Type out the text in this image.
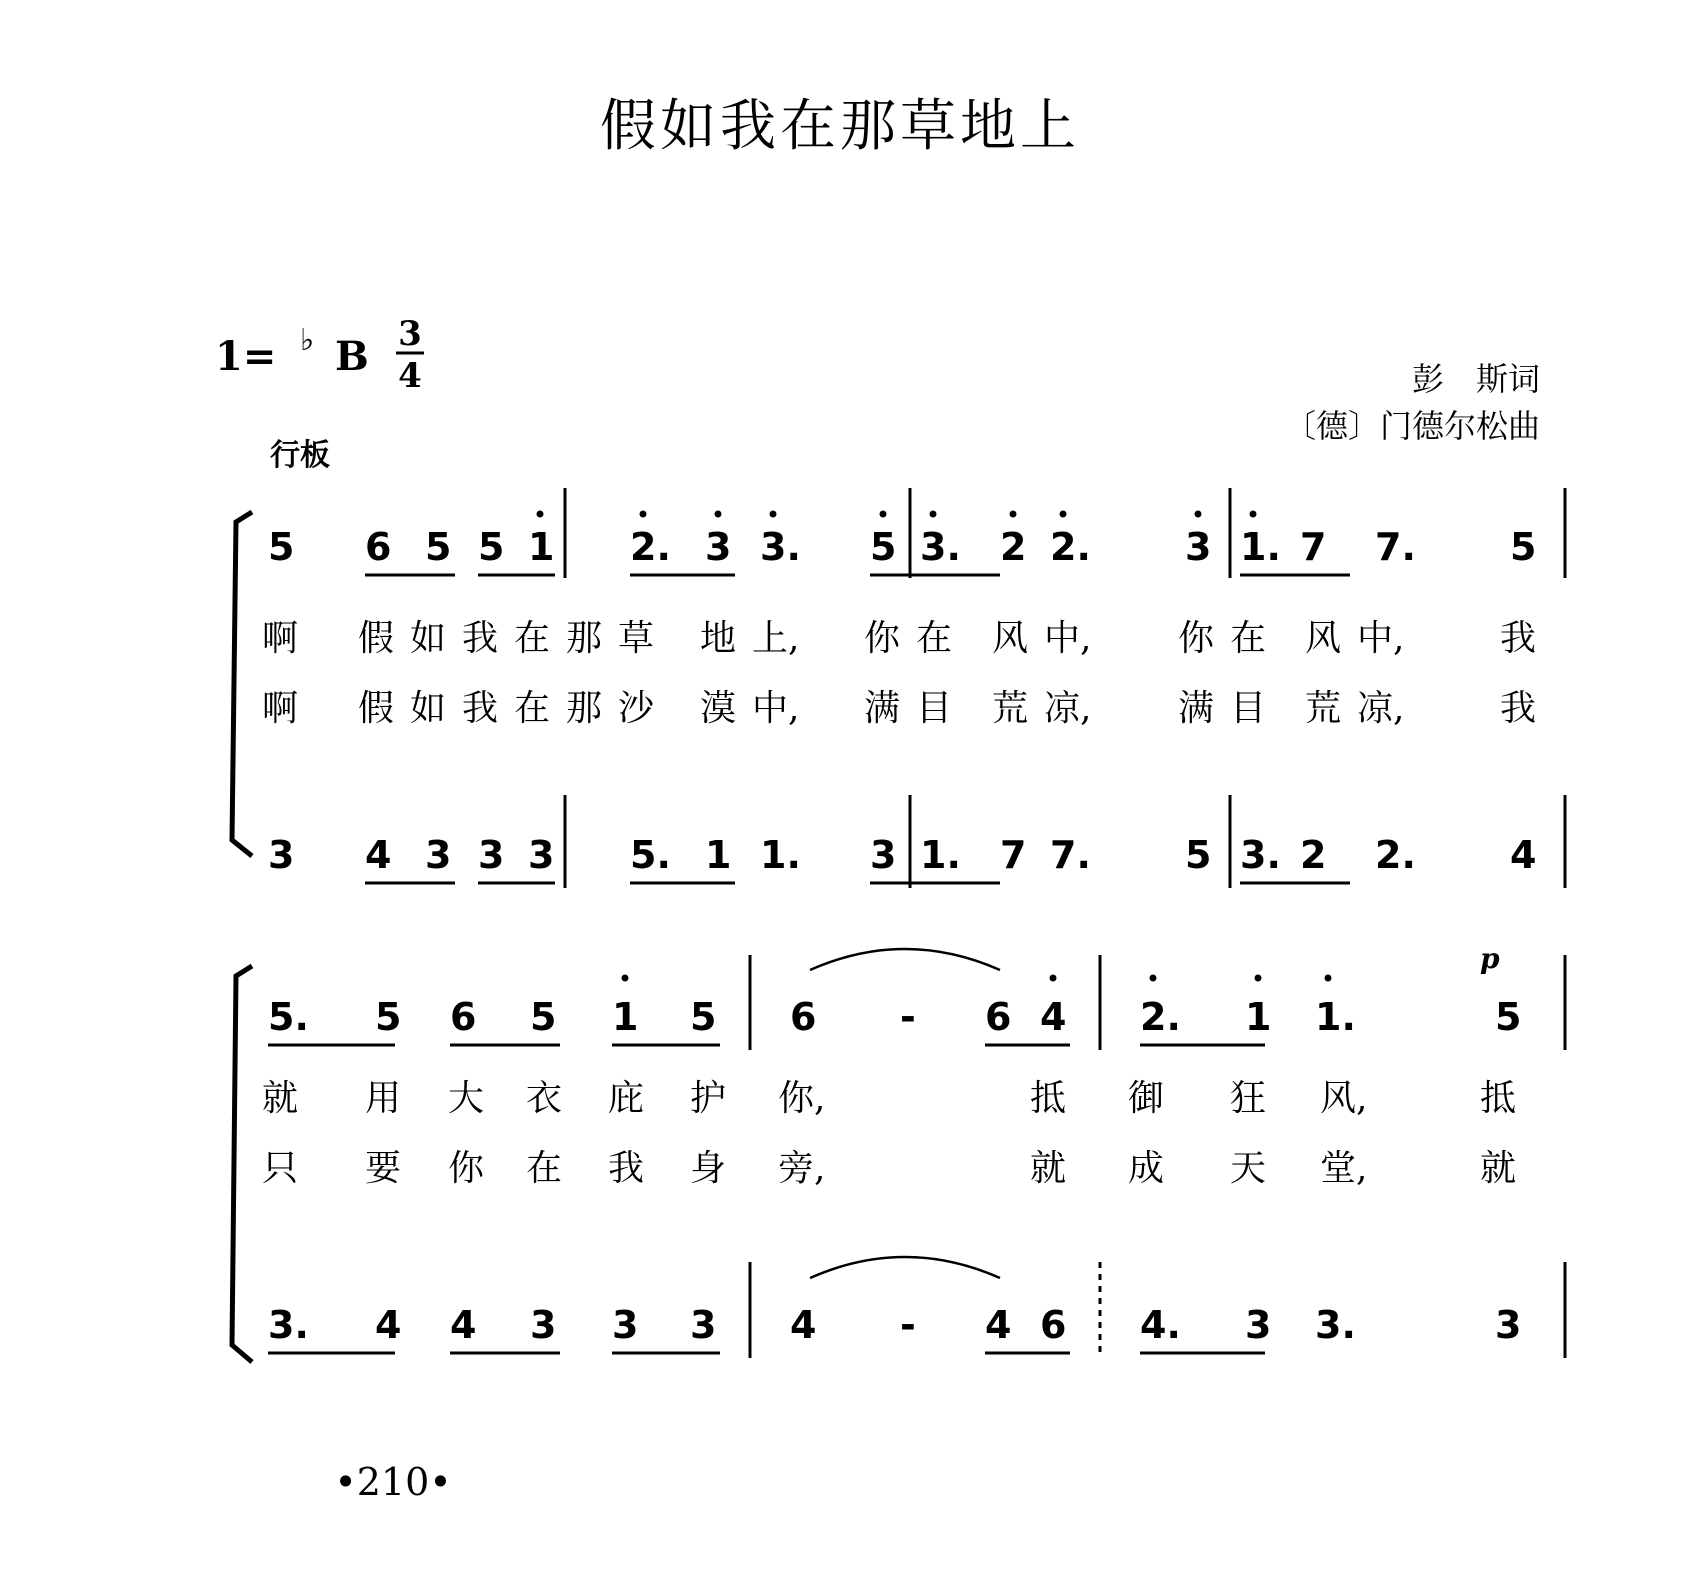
假如我在那草地上
1= ♭ B 3
4	彭　斯词
〔德〕门德尔松曲
行板
p
5 6 5 5 1 2. 3 3. 5 3. 2 2. 3 1. 7 7. 5
啊 假 如 我 在 那 草 地 上, 你 在 风 中, 你 在 风 中,	我
啊 假 如 我 在 那 沙 漠 中, 满 目 荒 凉, 满 目 荒 凉,	我
3 4 3 3 3 5. 1 1. 3 1. 7 7. 5 3. 2 2. 4
5. 5 6 5 1 5 6 - 6 4 2. 1 1.	5
就 用 大 衣 庇 护 你,	抵 御 狂 风,	抵
只 要 你 在 我 身 旁,	就 成 天 堂,	就
3. 4 4 3 3 3 4 - 4 6 4. 3 3.	3
•210•
